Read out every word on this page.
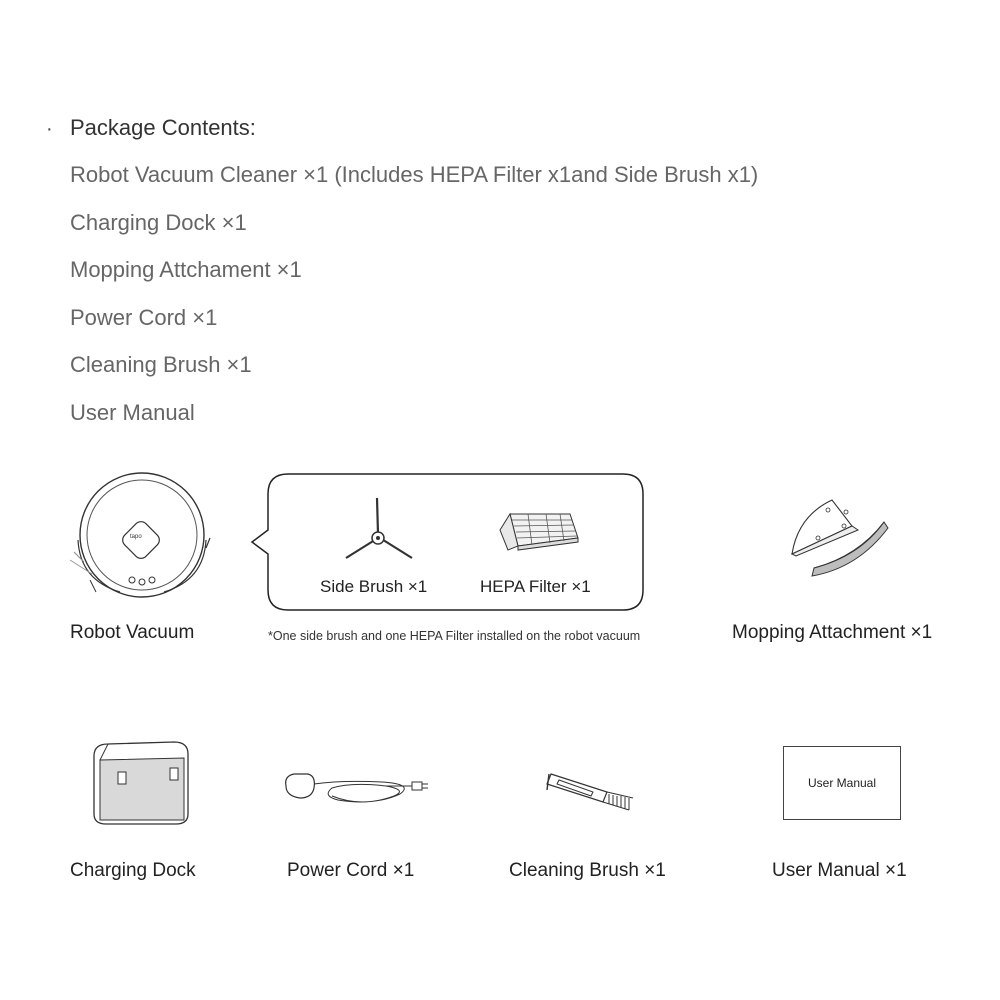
· Package Contents:
Robot Vacuum Cleaner ×1 (Includes HEPA Filter x1and Side Brush x1)
Charging Dock ×1
Mopping Attchament ×1
Power Cord ×1
Cleaning Brush ×1
User Manual
tapo
Robot Vacuum
Side Brush ×1	HEPA Filter ×1
*One side brush and one HEPA Filter installed on the robot vacuum	Mopping Attachment ×1
Charging Dock	Power Cord ×1	Cleaning Brush ×1
User Manual
User Manual ×1
